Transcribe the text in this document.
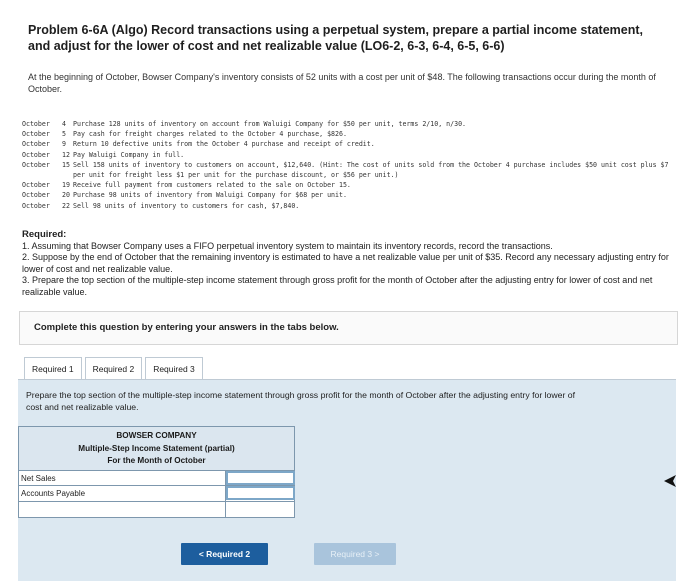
Problem 6-6A (Algo) Record transactions using a perpetual system, prepare a partial income statement, and adjust for the lower of cost and net realizable value (LO6-2, 6-3, 6-4, 6-5, 6-6)
At the beginning of October, Bowser Company's inventory consists of 52 units with a cost per unit of $48. The following transactions occur during the month of October.
October	4	Purchase 128 units of inventory on account from Waluigi Company for $50 per unit, terms 2/10, n/30.
October	5	Pay cash for freight charges related to the October 4 purchase, $826.
October	9	Return 10 defective units from the October 4 purchase and receipt of credit.
October	12 Pay Waluigi Company in full.
October	15 Sell 158 units of inventory to customers on account, $12,640. (Hint: The cost of units sold from the October 4 purchase includes $50 unit cost plus $7 per unit for freight less $1 per unit for the purchase discount, or $56 per unit.)
October	19 Receive full payment from customers related to the sale on October 15.
October	20 Purchase 98 units of inventory from Waluigi Company for $68 per unit.
October	22 Sell 98 units of inventory to customers for cash, $7,840.
Required:
1. Assuming that Bowser Company uses a FIFO perpetual inventory system to maintain its inventory records, record the transactions.
2. Suppose by the end of October that the remaining inventory is estimated to have a net realizable value per unit of $35. Record any necessary adjusting entry for lower of cost and net realizable value.
3. Prepare the top section of the multiple-step income statement through gross profit for the month of October after the adjusting entry for lower of cost and net realizable value.
Complete this question by entering your answers in the tabs below.
Required 1	Required 2	Required 3
Prepare the top section of the multiple-step income statement through gross profit for the month of October after the adjusting entry for lower of cost and net realizable value.
BOWSER COMPANY
Multiple-Step Income Statement (partial)
For the Month of October
Net Sales
Accounts Payable
< Required 2	Required 3 >
